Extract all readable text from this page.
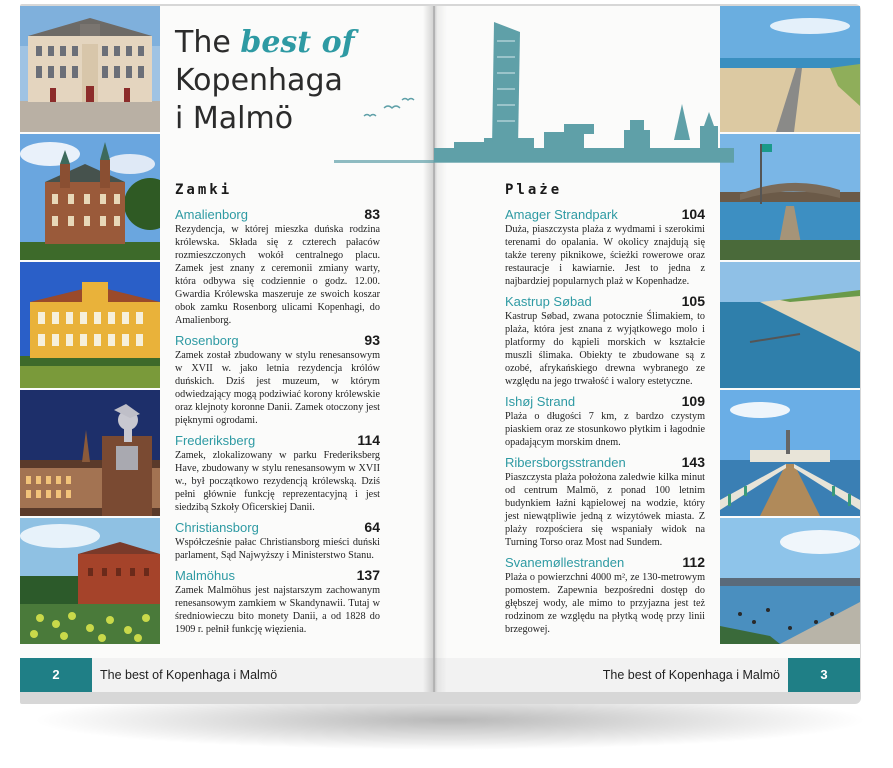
The best of
Kopenhaga
i Malmö
Zamki
Amalienborg	83
Rezydencja, w której mieszka duńska rodzina królewska. Składa się z czterech pałaców rozmieszczonych wokół centralnego placu. Zamek jest znany z ceremonii zmiany warty, która odbywa się codziennie o godz. 12.00. Gwardia Królewska maszeruje ze swoich koszar obok zamku Rosenborg ulicami Kopenhagi, do Amalienborg.
Rosenborg	93
Zamek został zbudowany w stylu renesansowym w XVII w. jako letnia rezydencja królów duńskich. Dziś jest muzeum, w którym odwiedzający mogą podziwiać korony królewskie oraz klejnoty koronne Danii. Zamek otoczony jest pięknymi ogrodami.
Frederiksberg	114
Zamek, zlokalizowany w parku Frederiksberg Have, zbudowany w stylu renesansowym w XVII w., był początkowo rezydencją królewską. Dziś pełni głównie funkcję reprezentacyjną i jest siedzibą Szkoły Oficerskiej Danii.
Christiansborg	64
Współcześnie pałac Christiansborg mieści duński parlament, Sąd Najwyższy i Ministerstwo Stanu.
Malmöhus	137
Zamek Malmöhus jest najstarszym zachowanym renesansowym zamkiem w Skandynawii. Tutaj w średniowieczu bito monety Danii, a od 1828 do 1909 r. pełnił funkcję więzienia.
2	The best of Kopenhaga i Malmö
Plaże
Amager Strandpark	104
Duża, piaszczysta plaża z wydmami i szerokimi terenami do opalania. W okolicy znajdują się także tereny piknikowe, ścieżki rowerowe oraz restauracje i kawiarnie. Jest to jedna z najbardziej popularnych plaż w Kopenhadze.
Kastrup Søbad	105
Kastrup Søbad, zwana potocznie Ślimakiem, to plaża, która jest znana z wyjątkowego molo i platformy do kąpieli morskich w kształcie muszli ślimaka. Obiekty te zbudowane są z ozobé, afrykańskiego drewna wybranego ze względu na jego trwałość i walory estetyczne.
Ishøj Strand	109
Plaża o długości 7 km, z bardzo czystym piaskiem oraz ze stosunkowo płytkim i łagodnie opadającym morskim dnem.
Ribersborgsstranden	143
Piaszczysta plaża położona zaledwie kilka minut od centrum Malmö, z ponad 100 letnim budynkiem łaźni kąpielowej na wodzie, który jest niewątpliwie jedną z wizytówek miasta. Z plaży rozpościera się wspaniały widok na Turning Torso oraz Most nad Sundem.
Svanemøllestranden	112
Plaża o powierzchni 4000 m², ze 130-metrowym pomostem. Zapewnia bezpośredni dostęp do głębszej wody, ale mimo to przyjazna jest też rodzinom ze względu na płytką wodę przy linii brzegowej.
The best of Kopenhaga i Malmö	3
